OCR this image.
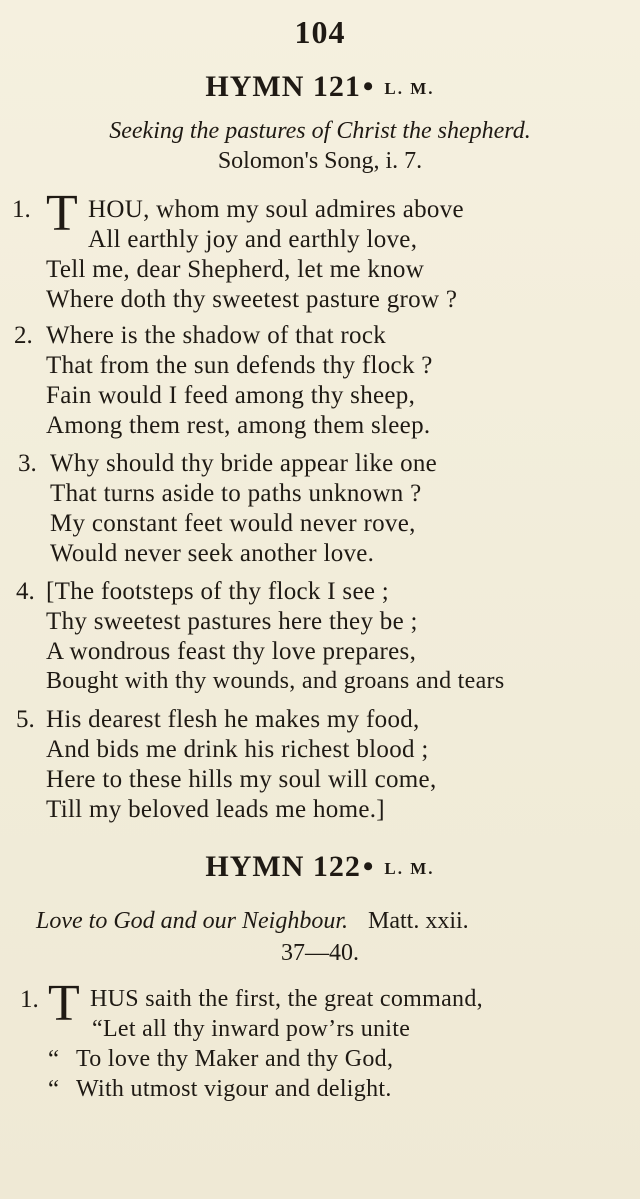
104
HYMN 121• L. M.
Seeking the pastures of Christ the shepherd.
Solomon's Song, i. 7.
1. T HOU, whom my soul admires above
All earthly joy and earthly love,
Tell me, dear Shepherd, let me know
Where doth thy sweetest pasture grow ?
2. Where is the shadow of that rock
That from the sun defends thy flock ?
Fain would I feed among thy sheep,
Among them rest, among them sleep.
3. Why should thy bride appear like one
That turns aside to paths unknown ?
My constant feet would never rove,
Would never seek another love.
4. [The footsteps of thy flock I see ;
Thy sweetest pastures here they be ;
A wondrous feast thy love prepares,
Bought with thy wounds, and groans and tears
5. His dearest flesh he makes my food,
And bids me drink his richest blood ;
Here to these hills my soul will come,
Till my beloved leads me home.]
HYMN 122• L. M.
Love to God and our Neighbour. Matt. xxii.
37—40.
1. T HUS saith the first, the great command,
“Let all thy inward pow’rs unite
“ To love thy Maker and thy God,
“ With utmost vigour and delight.
